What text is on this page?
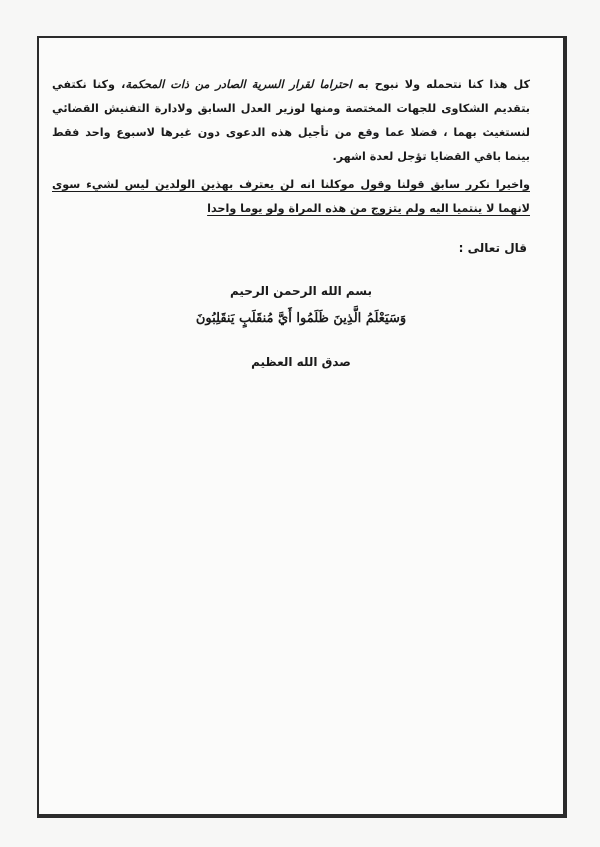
كل هذا كنا نتحمله ولا نبوح به احتراما لقرار السرية الصادر من ذات المحكمة، وكنا نكتفي بتقديم الشكاوى للجهات المختصة ومنها لوزير العدل السابق ولادارة التفنيش القضائي لنستغيث بهما ، فضلا عما وقع من تأجيل هذه الدعوى دون غيرها لاسبوع واحد فقط بينما باقي القضايا تؤجل لعدة اشهر.

واخيرا نكرر سابق قولنا وقول موكلنا انه لن يعترف بهذين الولدين ليس لشيء سوى لانهما لا ينتميا اليه ولم يتزوج من هذه المراة ولو يوما واحدا

قال تعالى :

بسم الله الرحمن الرحيم

وَسَيَعْلَمُ الَّذِينَ ظَلَمُوا أَيَّ مُنقَلَبٍ يَنقَلِبُونَ

صدق الله العظيم
